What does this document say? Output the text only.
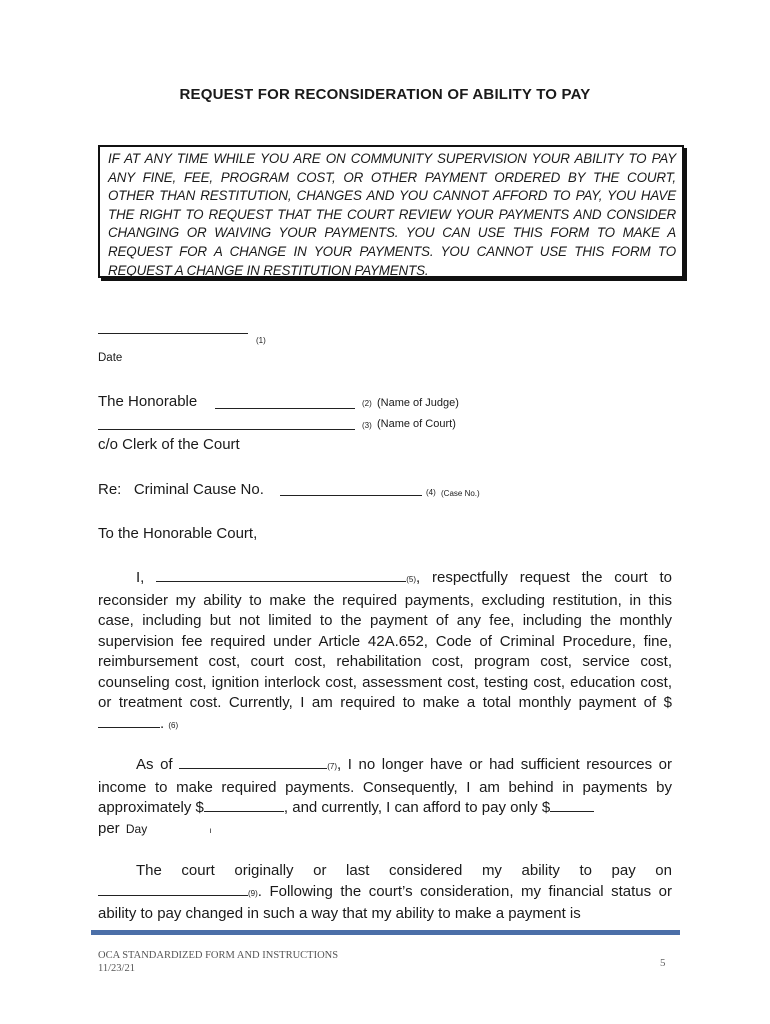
REQUEST FOR RECONSIDERATION OF ABILITY TO PAY

IF AT ANY TIME WHILE YOU ARE ON COMMUNITY SUPERVISION YOUR ABILITY TO PAY ANY FINE, FEE, PROGRAM COST, OR OTHER PAYMENT ORDERED BY THE COURT, OTHER THAN RESTITUTION, CHANGES AND YOU CANNOT AFFORD TO PAY, YOU HAVE THE RIGHT TO REQUEST THAT THE COURT REVIEW YOUR PAYMENTS AND CONSIDER CHANGING OR WAIVING YOUR PAYMENTS. YOU CAN USE THIS FORM TO MAKE A REQUEST FOR A CHANGE IN YOUR PAYMENTS. YOU CANNOT USE THIS FORM TO REQUEST A CHANGE IN RESTITUTION PAYMENTS.

(1)
Date
The Honorable	(2) (Name of Judge)
(3) (Name of Court)
c/o Clerk of the Court
Re:   Criminal Cause No.	(4) (Case No.)
To the Honorable Court,

I,	(5), respectfully request the court to reconsider my ability to make the required payments, excluding restitution, in this case, including but not limited to the payment of any fee, including the monthly supervision fee required under Article 42A.652, Code of Criminal Procedure, fine, reimbursement cost, court cost, rehabilitation cost, program cost, service cost, counseling cost, ignition interlock cost, assessment cost, testing cost, education cost, or treatment cost. Currently, I am required to make a total monthly payment of $. (6)

As of	(7), I no longer have or had sufficient resources or income to make required payments. Consequently, I am behind in payments by approximately $	, and currently, I can afford to pay only $

per Day	ı

The court originally or last considered my ability to pay on (9). Following the court’s consideration, my financial status or ability to pay changed in such a way that my ability to make a payment is

OCA STANDARDIZED FORM AND INSTRUCTIONS
11/23/21	5
